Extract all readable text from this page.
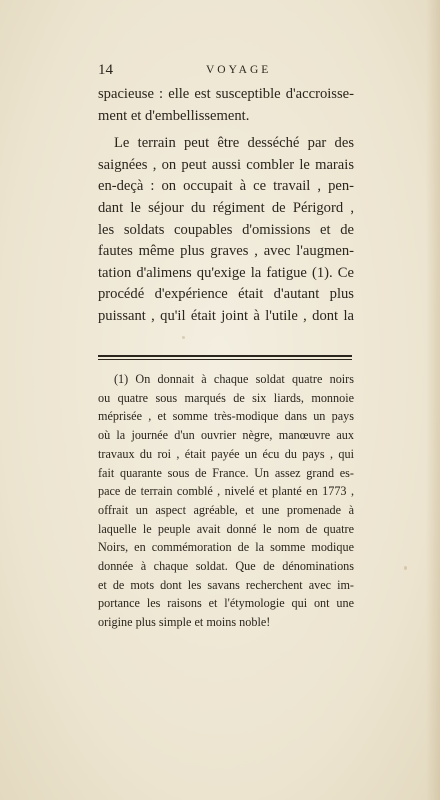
14	VOYAGE

spacieuse : elle est susceptible d'accroisse-
ment et d'embellissement.

Le terrain peut être desséché par des
saignées , on peut aussi combler le marais
en-deçà : on occupait à ce travail , pen-
dant le séjour du régiment de Périgord ,
les soldats coupables d'omissions et de
fautes même plus graves , avec l'augmen-
tation d'alimens qu'exige la fatigue (1). Ce
procédé d'expérience était d'autant plus
puissant , qu'il était joint à l'utile , dont la

(1) On donnait à chaque soldat quatre noirs
ou quatre sous marqués de six liards, monnoie
méprisée , et somme très-modique dans un pays
où la journée d'un ouvrier nègre, manœuvre aux
travaux du roi , était payée un écu du pays , qui
fait quarante sous de France. Un assez grand es-
pace de terrain comblé , nivelé et planté en 1773 ,
offrait un aspect agréable, et une promenade à
laquelle le peuple avait donné le nom de quatre
Noirs, en commémoration de la somme modique
donnée à chaque soldat. Que de dénominations
et de mots dont les savans recherchent avec im-
portance les raisons et l'étymologie qui ont une
origine plus simple et moins noble!
